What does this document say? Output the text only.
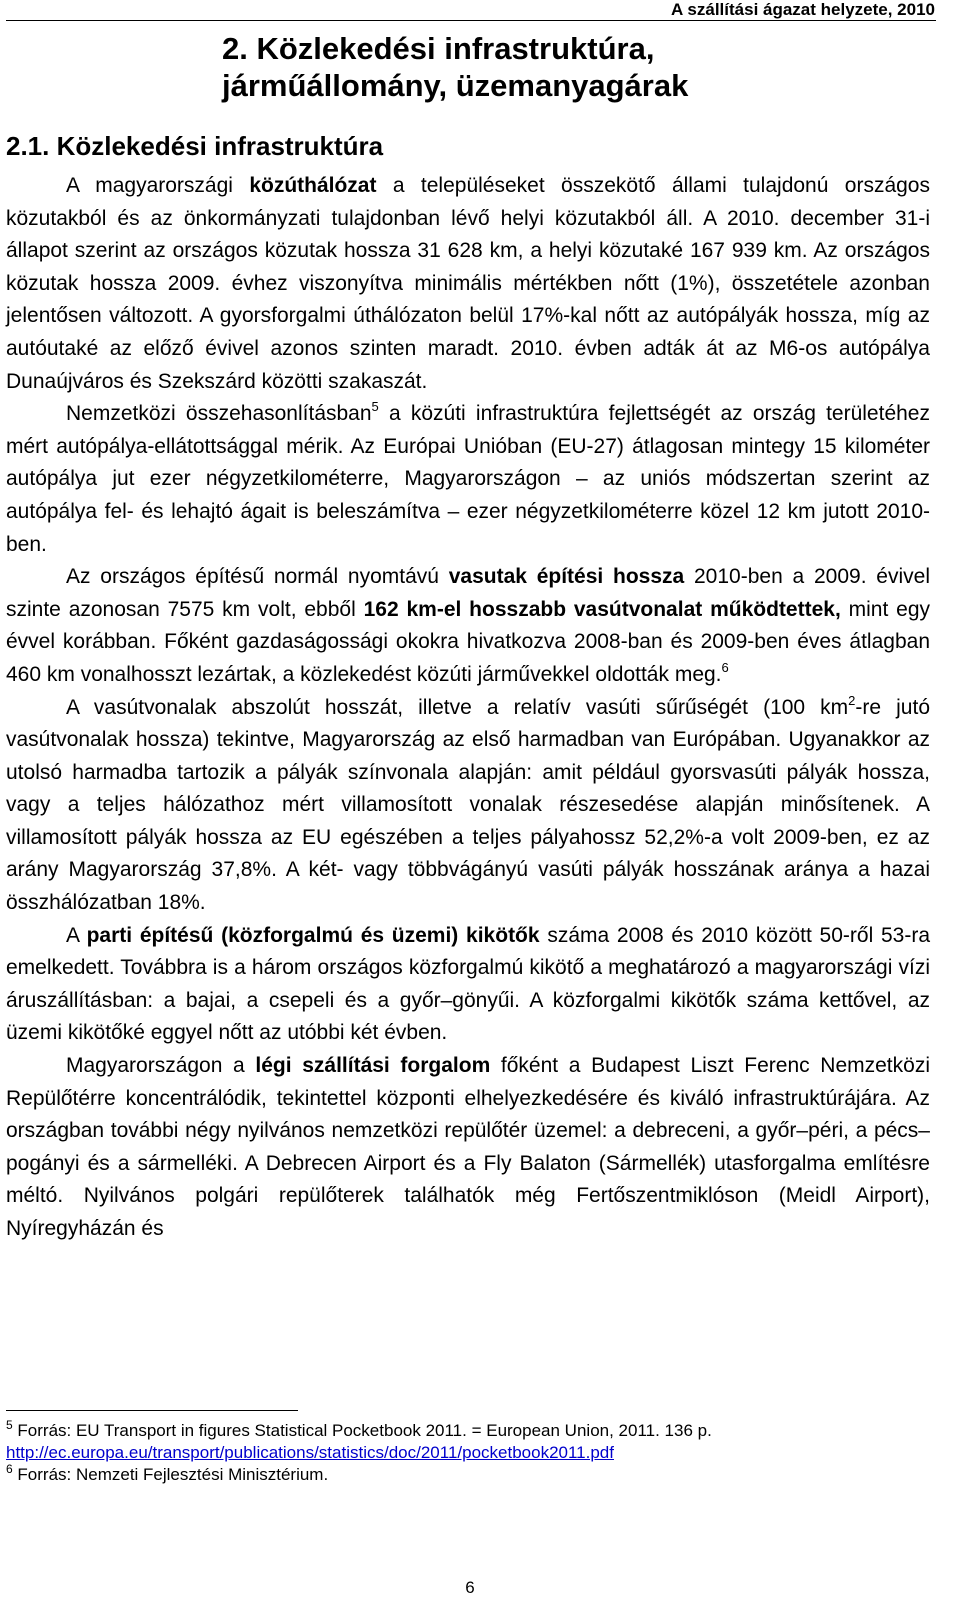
A szállítási ágazat helyzete, 2010
2. Közlekedési infrastruktúra,
járműállomány, üzemanyagárak
2.1. Közlekedési infrastruktúra

A magyarországi közúthálózat a településeket összekötő állami tulajdonú országos közutakból és az önkormányzati tulajdonban lévő helyi közutakból áll. A 2010. december 31-i állapot szerint az országos közutak hossza 31 628 km, a helyi közutaké 167 939 km. Az országos közutak hossza 2009. évhez viszonyítva minimális mértékben nőtt (1%), összetétele azonban jelentősen változott. A gyorsforgalmi úthálózaton belül 17%-kal nőtt az autópályák hossza, míg az autóutaké az előző évivel azonos szinten maradt. 2010. évben adták át az M6-os autópálya Dunaújváros és Szekszárd közötti szakaszát.

Nemzetközi összehasonlításban$^5$ a közúti infrastruktúra fejlettségét az ország területéhez mért autópálya-ellátottsággal mérik. Az Európai Unióban (EU-27) átlagosan mintegy 15 kilométer autópálya jut ezer négyzetkilométerre, Magyarországon – az uniós módszertan szerint az autópálya fel- és lehajtó ágait is beleszámítva – ezer négyzetkilométerre közel 12 km jutott 2010-ben.

Az országos építésű normál nyomtávú vasutak építési hossza 2010-ben a 2009. évivel szinte azonosan 7575 km volt, ebből 162 km-el hosszabb vasútvonalat működtettek, mint egy évvel korábban. Főként gazdaságossági okokra hivatkozva 2008-ban és 2009-ben éves átlagban 460 km vonalhosszt lezártak, a közlekedést közúti járművekkel oldották meg.$^6$

A vasútvonalak abszolút hosszát, illetve a relatív vasúti sűrűségét (100 $km^2-re$ jutó vasútvonalak hossza) tekintve, Magyarország az első harmadban van Európában. Ugyanakkor az utolsó harmadba tartozik a pályák színvonala alapján: amit például gyorsvasúti pályák hossza, vagy a teljes hálózathoz mért villamosított vonalak részesedése alapján minősítenek. A villamosított pályák hossza az EU egészében a teljes pályahossz 52,2%-a volt 2009-ben, ez az arány Magyarország 37,8%. A két- vagy többvágányú vasúti pályák hosszának aránya a hazai összhálózatban 18%.

A parti építésű (közforgalmú és üzemi) kikötők száma 2008 és 2010 között 50-ről 53-ra emelkedett. Továbbra is a három országos közforgalmú kikötő a meghatározó a magyarországi vízi áruszállításban: a bajai, a csepeli és a győr–gönyűi. A közforgalmi kikötők száma kettővel, az üzemi kikötőké eggyel nőtt az utóbbi két évben.

Magyarországon a légi szállítási forgalom főként a Budapest Liszt Ferenc Nemzetközi Repülőtérre koncentrálódik, tekintettel központi elhelyezkedésére és kiváló infrastruktúrájára. Az országban további négy nyilvános nemzetközi repülőtér üzemel: a debreceni, a győr–péri, a pécs–pogányi és a sármelléki. A Debrecen Airport és a Fly Balaton (Sármellék) utasforgalma említésre méltó. Nyilvános polgári repülőterek találhatók még Fertőszentmiklóson (Meidl Airport), Nyíregyházán és

$^5$ Forrás: EU Transport in figures Statistical Pocketbook 2011. = European Union, 2011. 136 p.
http://ec.europa.eu/transport/publications/statistics/doc/2011/pocketbook2011.pdf
$^6$ Forrás: Nemzeti Fejlesztési Minisztérium.
6
